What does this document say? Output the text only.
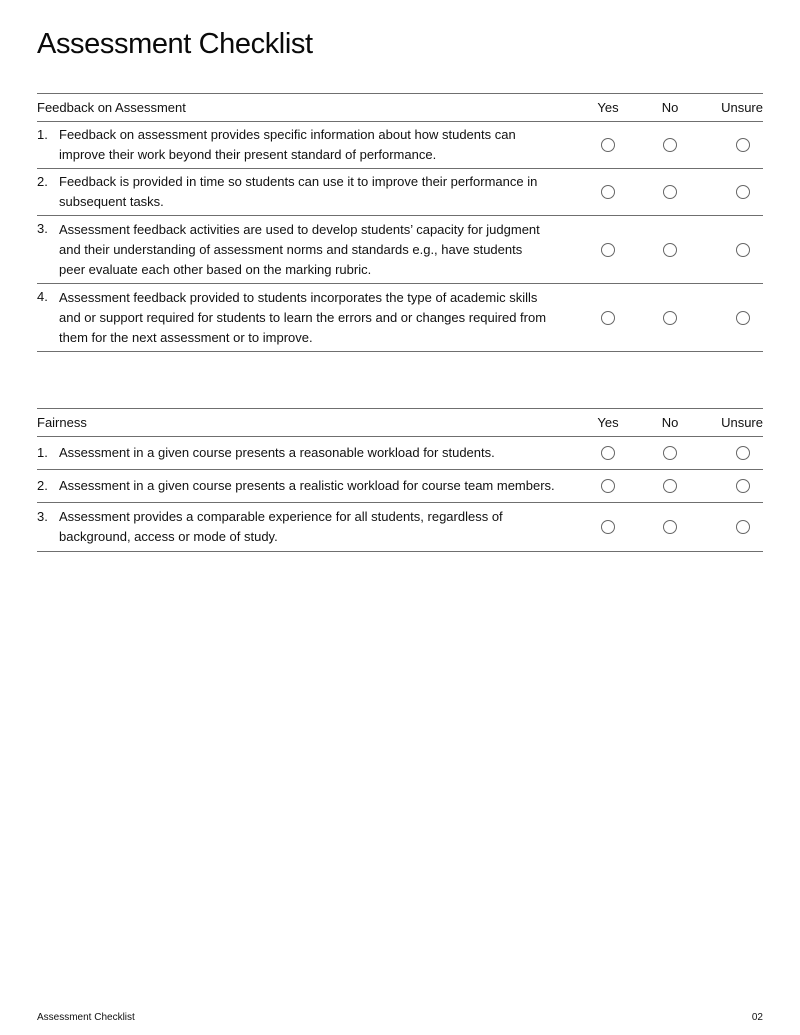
Assessment Checklist
Feedback on Assessment	Yes	No	Unsure
1. Feedback on assessment provides specific information about how students can improve their work beyond their present standard of performance.
2. Feedback is provided in time so students can use it to improve their performance in subsequent tasks.
3. Assessment feedback activities are used to develop students’ capacity for judgment and their understanding of assessment norms and standards e.g., have students peer evaluate each other based on the marking rubric.
4. Assessment feedback provided to students incorporates the type of academic skills and or support required for students to learn the errors and or changes required from them for the next assessment or to improve.
Fairness	Yes	No	Unsure
1. Assessment in a given course presents a reasonable workload for students.
2. Assessment in a given course presents a realistic workload for course team members.
3. Assessment provides a comparable experience for all students, regardless of background, access or mode of study.
Assessment Checklist	02
